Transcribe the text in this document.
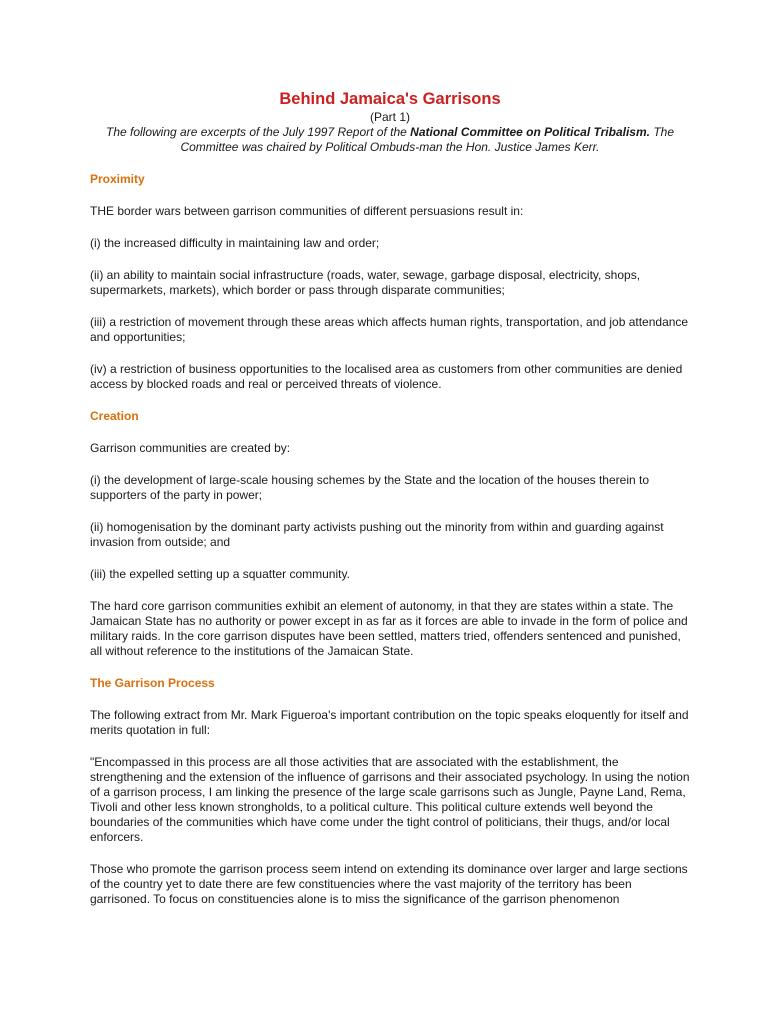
Behind Jamaica's Garrisons

(Part 1)

The following are excerpts of the July 1997 Report of the National Committee on Political Tribalism. The Committee was chaired by Political Ombuds-man the Hon. Justice James Kerr.

Proximity

THE border wars between garrison communities of different persuasions result in:

(i) the increased difficulty in maintaining law and order;

(ii) an ability to maintain social infrastructure (roads, water, sewage, garbage disposal, electricity, shops, supermarkets, markets), which border or pass through disparate communities;

(iii) a restriction of movement through these areas which affects human rights, transportation, and job attendance and opportunities;

(iv) a restriction of business opportunities to the localised area as customers from other communities are denied access by blocked roads and real or perceived threats of violence.

Creation

Garrison communities are created by:

(i) the development of large-scale housing schemes by the State and the location of the houses therein to supporters of the party in power;

(ii) homogenisation by the dominant party activists pushing out the minority from within and guarding against invasion from outside; and

(iii) the expelled setting up a squatter community.

The hard core garrison communities exhibit an element of autonomy, in that they are states within a state. The Jamaican State has no authority or power except in as far as it forces are able to invade in the form of police and military raids. In the core garrison disputes have been settled, matters tried, offenders sentenced and punished, all without reference to the institutions of the Jamaican State.

The Garrison Process

The following extract from Mr. Mark Figueroa's important contribution on the topic speaks eloquently for itself and merits quotation in full:

"Encompassed in this process are all those activities that are associated with the establishment, the strengthening and the extension of the influence of garrisons and their associated psychology. In using the notion of a garrison process, I am linking the presence of the large scale garrisons such as Jungle, Payne Land, Rema, Tivoli and other less known strongholds, to a political culture. This political culture extends well beyond the boundaries of the communities which have come under the tight control of politicians, their thugs, and/or local enforcers.

Those who promote the garrison process seem intend on extending its dominance over larger and large sections of the country yet to date there are few constituencies where the vast majority of the territory has been garrisoned. To focus on constituencies alone is to miss the significance of the garrison phenomenon
